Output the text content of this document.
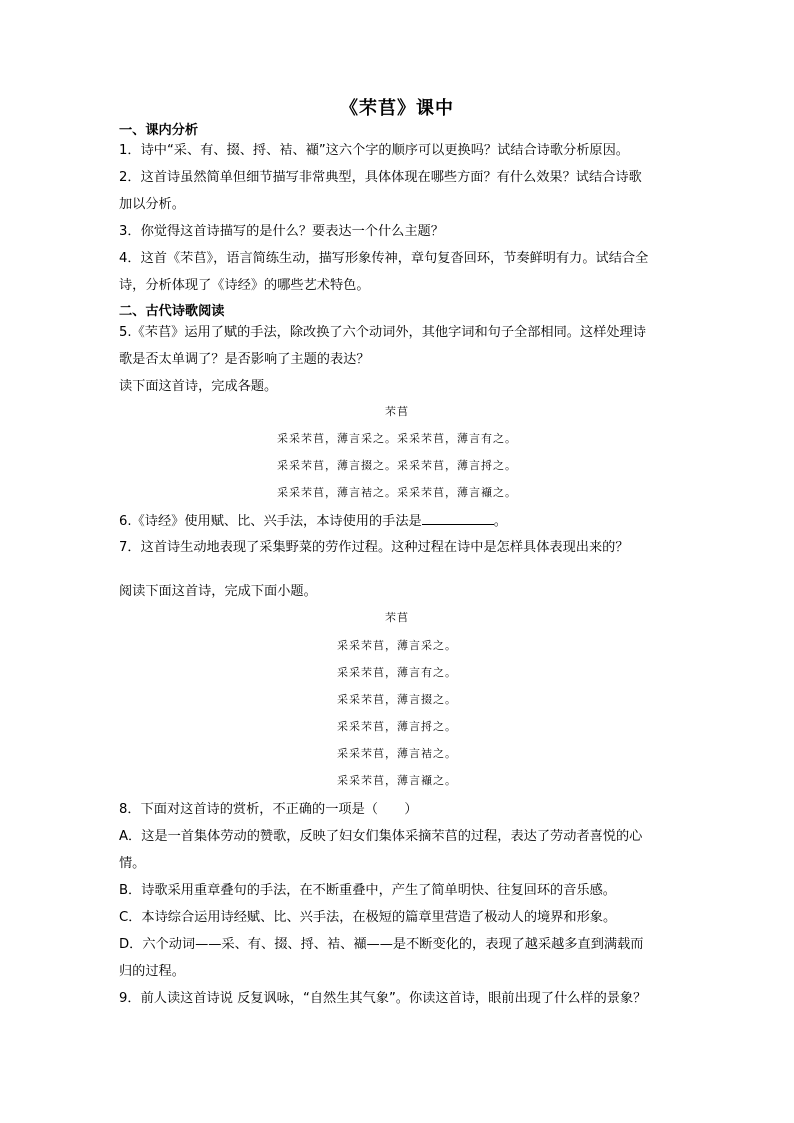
《芣苢》课中
一、课内分析
1．诗中“采、有、掇、捋、袺、襭”这六个字的顺序可以更换吗？试结合诗歌分析原因。
2．这首诗虽然简单但细节描写非常典型，具体体现在哪些方面？有什么效果？试结合诗歌
加以分析。
3．你觉得这首诗描写的是什么？要表达一个什么主题？
4．这首《芣苢》，语言简练生动，描写形象传神，章句复沓回环，节奏鲜明有力。试结合全
诗，分析体现了《诗经》的哪些艺术特色。
二、古代诗歌阅读
5.《芣苢》运用了赋的手法，除改换了六个动词外，其他字词和句子全部相同。这样处理诗
歌是否太单调了？是否影响了主题的表达？
读下面这首诗，完成各题。
芣苢
采采芣苢，薄言采之。采采芣苢，薄言有之。
采采芣苢，薄言掇之。采采芣苢，薄言捋之。
采采芣苢，薄言袺之。采采芣苢，薄言襭之。
6.《诗经》使用赋、比、兴手法，本诗使用的手法是	。
7．这首诗生动地表现了采集野菜的劳作过程。这种过程在诗中是怎样具体表现出来的？
阅读下面这首诗，完成下面小题。
芣苢
采采芣苢，薄言采之。
采采芣苢，薄言有之。
采采芣苢，薄言掇之。
采采芣苢，薄言捋之。
采采芣苢，薄言袺之。
采采芣苢，薄言襭之。
8．下面对这首诗的赏析，不正确的一项是（　　）
A．这是一首集体劳动的赞歌，反映了妇女们集体采摘芣苢的过程，表达了劳动者喜悦的心
情。
B．诗歌采用重章叠句的手法，在不断重叠中，产生了简单明快、往复回环的音乐感。
C．本诗综合运用诗经赋、比、兴手法，在极短的篇章里营造了极动人的境界和形象。
D．六个动词——采、有、掇、捋、袺、襭——是不断变化的，表现了越采越多直到满载而
归的过程。
9．前人读这首诗说 反复讽咏，“自然生其气象”。你读这首诗，眼前出现了什么样的景象？
